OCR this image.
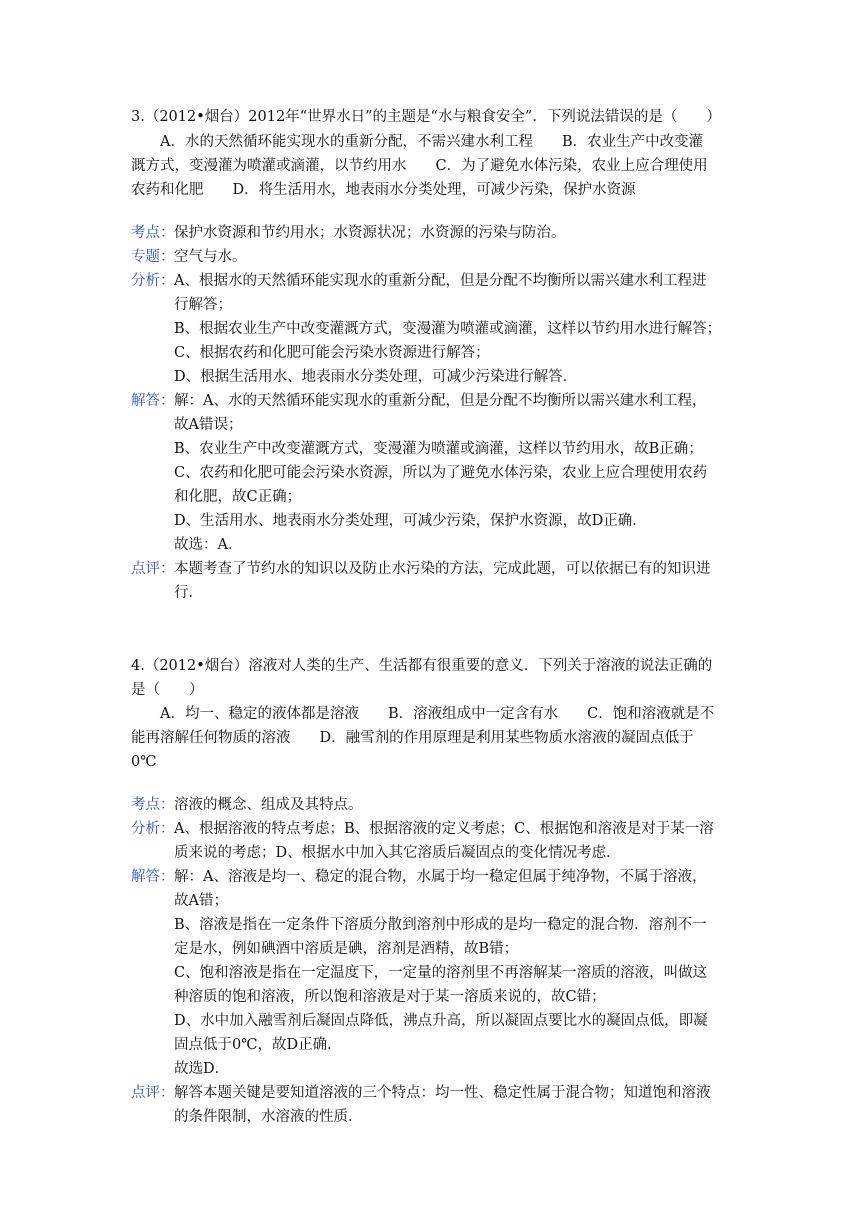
3.（2012•烟台）2012年“世界水日”的主题是“水与粮食安全”．下列说法错误的是（　　）
A．水的天然循环能实现水的重新分配，不需兴建水利工程　　B．农业生产中改变灌
溉方式，变漫灌为喷灌或滴灌，以节约用水　　C．为了避免水体污染，农业上应合理使用
农药和化肥　　D．将生活用水，地表雨水分类处理，可减少污染，保护水资源
考点： 保护水资源和节约用水；水资源状况；水资源的污染与防治。
专题： 空气与水。
分析： A、根据水的天然循环能实现水的重新分配，但是分配不均衡所以需兴建水利工程进
行解答；
B、根据农业生产中改变灌溉方式，变漫灌为喷灌或滴灌，这样以节约用水进行解答；
C、根据农药和化肥可能会污染水资源进行解答；
D、根据生活用水、地表雨水分类处理，可减少污染进行解答．
解答： 解：A、水的天然循环能实现水的重新分配，但是分配不均衡所以需兴建水利工程，
故A错误；
B、农业生产中改变灌溉方式，变漫灌为喷灌或滴灌，这样以节约用水，故B正确；
C、农药和化肥可能会污染水资源，所以为了避免水体污染，农业上应合理使用农药
和化肥，故C正确；
D、生活用水、地表雨水分类处理，可减少污染，保护水资源，故D正确．
故选：A．
点评： 本题考查了节约水的知识以及防止水污染的方法，完成此题，可以依据已有的知识进
行．
4.（2012•烟台）溶液对人类的生产、生活都有很重要的意义．下列关于溶液的说法正确的
是（　　）
A．均一、稳定的液体都是溶液　　B．溶液组成中一定含有水　　C．饱和溶液就是不
能再溶解任何物质的溶液　　D．融雪剂的作用原理是利用某些物质水溶液的凝固点低于
0℃
考点： 溶液的概念、组成及其特点。
分析： A、根据溶液的特点考虑；B、根据溶液的定义考虑；C、根据饱和溶液是对于某一溶
质来说的考虑；D、根据水中加入其它溶质后凝固点的变化情况考虑．
解答： 解：A、溶液是均一、稳定的混合物，水属于均一稳定但属于纯净物，不属于溶液，
故A错；
B、溶液是指在一定条件下溶质分散到溶剂中形成的是均一稳定的混合物．溶剂不一
定是水，例如碘酒中溶质是碘，溶剂是酒精，故B错；
C、饱和溶液是指在一定温度下，一定量的溶剂里不再溶解某一溶质的溶液，叫做这
种溶质的饱和溶液，所以饱和溶液是对于某一溶质来说的，故C错；
D、水中加入融雪剂后凝固点降低，沸点升高，所以凝固点要比水的凝固点低，即凝
固点低于0℃，故D正确．
故选D．
点评： 解答本题关键是要知道溶液的三个特点：均一性、稳定性属于混合物；知道饱和溶液
的条件限制，水溶液的性质．
